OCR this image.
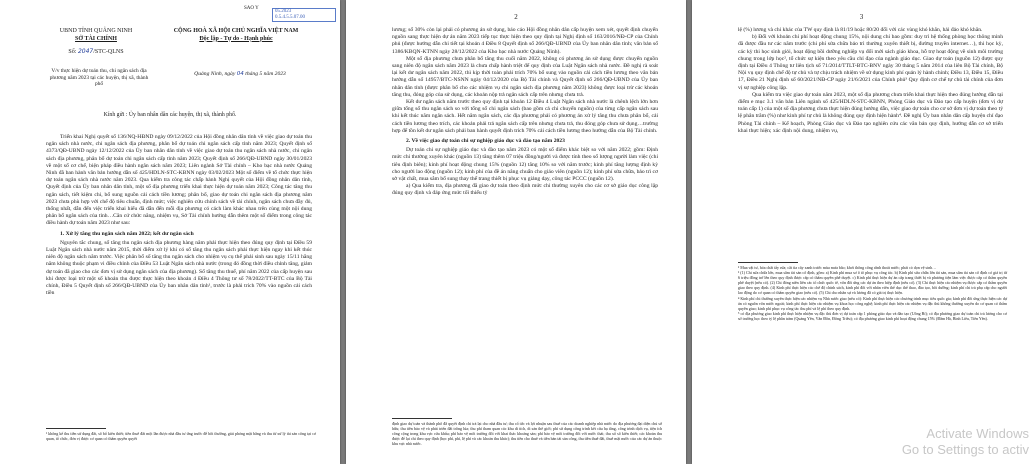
SAO Y
05.2023
0.5.4.5.5.07.00
UBND TỈNH QUẢNG NINH
SỞ TÀI CHÍNH
Số: 2047/STC-QLNS
CỘNG HOÀ XÃ HỘI CHỦ NGHĨA VIỆT NAM
Độc lập - Tự do - Hạnh phúc
V/v thực hiện dự toán thu, chi ngân sách địa phương năm 2023 tại các huyện, thị xã, thành phố
Quảng Ninh, ngày 04 tháng 5 năm 2023
Kính gửi : Ủy ban nhân dân các huyện, thị xã, thành phố.

Triển khai Nghị quyết số 136/NQ-HĐND ngày 09/12/2022 của Hội đồng nhân dân tỉnh về việc giao dự toán thu ngân sách nhà nước, chi ngân sách địa phương, phân bổ dự toán chi ngân sách cấp tỉnh năm 2023; Quyết định số 4373/QĐ-UBND ngày 12/12/2022 của Ủy ban nhân dân tỉnh về việc giao dự toán thu ngân sách nhà nước, chi ngân sách địa phương, phân bổ dự toán chi ngân sách cấp tỉnh năm 2023; Quyết định số 266/QĐ-UBND ngày 30/01/2023 về một số cơ chế, biện pháp điều hành ngân sách năm 2023; Liên ngành Sở Tài chính – Kho bạc nhà nước Quảng Ninh đã ban hành văn bản hướng dẫn số 425/HDLN-STC-KBNN ngày 03/02/2023 Một số điểm về tổ chức thực hiện dự toán ngân sách nhà nước năm 2023. Qua kiểm tra công tác chấp hành Nghị quyết của Hội đồng nhân dân tỉnh, Quyết định của Ủy ban nhân dân tỉnh, một số địa phương triển khai thực hiện dự toán năm 2023; Công tác tăng thu ngân sách, tiết kiệm chi, bổ sung nguồn cải cách tiền lương; phân bổ, giao dự toán chi ngân sách địa phương năm 2023 chưa phù hợp với chế độ tiêu chuẩn, định mức; việc nghiên cứu chính sách về tài chính, ngân sách chưa đầy đủ, thống nhất, dẫn đến việc triển khai hiểu đã dẫn đến mỗi địa phương có cách làm khác nhau trên cùng một nội dung phân bổ ngân sách của tỉnh…Căn cứ chức năng, nhiệm vụ, Sở Tài chính hướng dẫn thêm một số điểm trong công tác điều hành dự toán năm 2023 như sau:

1. Xử lý tăng thu ngân sách năm 2022; kết dư ngân sách

Nguyên tắc chung, số tăng thu ngân sách địa phương hàng năm phải thực hiện theo đúng quy định tại Điều 59 Luật Ngân sách nhà nước năm 2015, thời điểm xử lý khi có số tăng thu ngân sách phải thực hiện ngay khi kết thúc niên độ ngân sách năm trước. Việc phân bổ số tăng thu ngân sách cho nhiệm vụ cụ thể phải sinh sau ngày 15/11 hằng năm không thuộc phạm vi điều chỉnh của Điều 53 Luật Ngân sách nhà nước (trong đó đồng thời điều chỉnh tăng, giảm dự toán đã giao cho các đơn vị sử dụng ngân sách của địa phương). Số tăng thu thuế, phí năm 2022 của cấp huyện sau khi được loại trừ một số khoản thu được thực hiện theo khoản 4 Điều 4 Thông tư số 78/2022/TT-BTC của Bộ Tài chính, Điều 5 Quyết định số 266/QĐ-UBND của Ủy ban nhân dân tỉnh¹, trước là phải trích 70% vào nguồn cải cách tiền

¹ không kể thu tiền sử dụng đất, số bổ kiến thiết; tiền thuê đất một lần được nhà đầu tư ứng trước để bồi thường, giải phóng mặt bằng và thu từ xử lý tài sản công tại cơ quan, tổ chức, đơn vị được cơ quan có thẩm quyền quyết
2

lương; số 30% còn lại phải có phương án sử dụng, báo cáo Hội đồng nhân dân cấp huyện xem xét, quyết định chuyển nguồn sang thực hiện dự án năm 2023 tiếp tục thực hiện theo quy định tại Nghị định số 163/2016/NĐ-CP của Chính phủ (được hướng dẫn chi tiết tại khoản 4 Điều 8 Quyết định số 266/QĐ-UBND của Ủy ban nhân dân tỉnh; văn bản số 1386/KBQN-KTNN ngày 28/12/2022 của Kho bạc nhà nước Quảng Ninh).

Một số địa phương chưa phân bổ tăng thu cuối năm 2022, không có phương án sử dụng được chuyển nguồn sang niên độ ngân sách năm 2023 là chưa chấp hành triệt để quy định của Luật Ngân sách nhà nước. Đề nghị rà soát lại kết dư ngân sách năm 2022, thì kịp thời toàn phải trích 70% bổ sung vào nguồn cải cách tiền lương theo văn bản hướng dẫn số 14957/BTC-NSNN ngày 04/12/2020 của Bộ Tài chính và Quyết định số 266/QĐ-UBND của Ủy ban nhân dân tỉnh (được phân bổ cho các nhiệm vụ chi ngân sách địa phương năm 2023) không được loại trừ các khoản tăng thu, đóng góp của sử dụng, các khoản nộp trả ngân sách cấp trên nhưng chưa trả.

Kết dư ngân sách năm trước theo quy định tại khoản 12 Điều 4 Luật Ngân sách nhà nước là chênh lệch lớn hơn giữa tổng số thu ngân sách so với tổng số chi ngân sách (bao gồm cả chi chuyển nguồn) của từng cấp ngân sách sau khi kết thúc năm ngân sách. Hết năm ngân sách, các địa phương phải có phương án xử lý tăng thu chưa phân bổ, cải cách tiền lương theo trích, các khoản phải trả ngân sách cấp trên nhưng chưa trả, thu đóng góp chưa sử dụng…trường hợp để tồn kết dư ngân sách phải ban hành quyết định trích 70% cải cách tiền lương theo hướng dẫn của Bộ Tài chính.

2. Về việc giao dự toán chi sự nghiệp giáo dục và đào tạo năm 2023

Dự toán chi sự nghiệp giáo dục và đào tạo năm 2023 có một số điểm khác biệt so với năm 2022; gồm: Định mức chi thường xuyên khác (nguồn 13) tăng thêm 07 triệu đồng/người và được tính theo số lượng người làm việc (chi tiêu định biên); kinh phí hoạt động chung 15% (nguồn 12) tăng 10% so với năm trước; kinh phí tăng lượng định kỳ cho người lao động (nguồn 12); kinh phí của đề án nâng chuẩn cho giáo viên (nguồn 12); kinh phí sửa chữa, bảo trì cơ sở vật chất, mua sắm bổ sung thay thế trang thiết bị phục vụ giảng dạy, công tác PCCC (nguồn 12).

a) Qua kiểm tra, địa phương đã giao dự toán theo định mức chi thường xuyên cho các cơ sở giáo dục công lập đúng quy định và đáp ứng mức tối thiểu tỷ

định giao dự toán và thành phố đã quyết định chi trả lại cho nhà đầu tư; thu cổ tức và lợi nhuận sau thuế của các doanh nghiệp nhà nước do địa phương đại diện chủ sở hữu; thu tiền bảo vệ và phát triển đất trồng lúa; thu phí tham quan các khu di tích, di sản thế giới; phí sử dụng công trình kết cấu hạ tầng, công trình dịch vụ, tiện ích công cộng trong khu vực cửa khẩu; phí bảo vệ môi trường đối với khai thác khoáng sản; phí bảo vệ môi trường đối với nước thải; thu xổ số kiến thiết; các khoản thu được để lại chi theo quy định (học phí, phí, lệ phí và các khoản thu khác); thu tiền cho thuê và tiền bán tài sản công, thu tiền thuê đất, thuê mặt nước của các dự án thuộc khu vực nhà nước.
3

lệ (%) lương và chi khác của TW quy định là 81/19 hoặc 80/20 đối với các vùng khó khăn, hải đảo khó khăn.

b) Đối với khoản chi phí hoạt động chung 15%, nội dung chi bao gồm: duy trì hệ thống phòng học thông minh đã được đầu tư các năm trước (chi phí sửa chữa bảo trì thường xuyên thiết bị, đường truyền internet…), thi học kỳ, các kỳ thi học sinh giỏi, hoạt động bồi dưỡng nghiệp vụ đối mới sách giáo khoa, hỗ trợ hoạt động về sinh môi trường chung trong lớp học², tổ chức sự kiện theo yêu cầu chỉ đạo của ngành giáo dục. Giao dự toán (nguồn 12) được quy định tại Điều 4 Thông tư liên tịch số 71/2014/TTLT-BTC-BNV ngày 30 tháng 5 năm 2014 của liên Bộ Tài chính, Bộ Nội vụ quy định chế độ tự chủ và tự chịu trách nhiệm về sử dụng kinh phí quản lý hành chính; Điều 13, Điều 15, Điều 17, Điều 21 Nghị định số 60/2021/NĐ-CP ngày 21/6/2021 của Chính phủ³ Quy định cơ chế tự chủ tài chính của đơn vị sự nghiệp công lập.

Qua kiểm tra việc giao dự toán năm 2023, một số địa phương chưa triển khai thực hiện theo đúng hướng dẫn tại điểm e mục 3.1 văn bản Liên ngành số 425/HDLN-STC-KBNN, Phòng Giáo dục và Đào tạo cấp huyện (đơn vị dự toán cấp 1) của một số địa phương chưa thực hiện đúng hướng dẫn, việc giao dự toán cho cơ sở đơn vị dự toán theo tỷ lệ phân trăm (%) như kinh phí tự chủ là không đúng quy định hiện hành⁴. Đề nghị Ủy ban nhân dân cấp huyện chỉ đạo Phòng Tài chính – Kế hoạch, Phòng Giáo dục và Đào tạo nghiên cứu các văn bản quy định, hướng dẫn cơ sở triển khai thực hiện; xác định nội dung, nhiệm vụ,

² Mua vật tư, hóa chất tẩy rửa; cắt tỉa cây xanh trước mùa mưa bão; khơi thông cống rãnh thoát nước; phát cỏ dọn vệ sinh…
³ (1) Chi sửa chữa lớn, mua sắm tài sản cố định, gồm: a) Kinh phí mua sơ ô tô phục vụ công tác. b) Kinh phí sửa chữa lớn tài sản, mua sắm tài sản cố định có giá trị từ 6 triệu đồng trở lên theo quy định được cấp có thẩm quyền phê duyệt. c) Kinh phí thực hiện dự án cấp trang thiết bị và phương tiện làm việc được cấp có thẩm quyền phê duyệt (nếu có). (2) Chi đóng niên liên các tổ chức quốc tế, vốn đối ứng các dự án theo hiệp định (nếu có). (3) Chi thực hiện các nhiệm vụ được cấp có thẩm quyền giao theo quy định. (4) Kinh phí thực hiện các chế độ chính sách, kinh phí đối với nhân viên thể dục thể thao, đào tạo, bồi dưỡng; kinh phí chi trả phụ cấp cho người lao động do cơ quan có thẩm quyền giao (nếu có). (5) Chi cho nhân sự và lương đã có giá trị thực hiện.
⁴ Kinh phí chi thường xuyên thực hiện các nhiệm vụ Nhà nước giao (nếu có): Kinh phí thực hiện các chương trình mục tiêu quốc gia; kinh phí đối ứng thực hiện các dự án có nguồn vốn nước ngoài; kinh phí thực hiện các nhiệm vụ khoa học công nghệ; kinh phí thực hiện các nhiệm vụ đặc thù không thường xuyên do cơ quan có thẩm quyền giao; kinh phí phục vụ công tác thu phí và lệ phí theo quy định.
⁵ có địa phương giao kinh phí thực hiện nhiệm vụ đặc thù đơn vị dự toán cấp 1 phòng giáo dục và đào tạo (Uông Bí); có địa phương giao dự toán chi trả lương cho cơ sở trường học theo tỷ lệ phần trăm (Quảng Yên, Vân Đồn, Đông Triều); có địa phương giao kinh phí hoạt động chung 15% (Đầm Hà, Bình Liêu, Tiên Yên).
Activate Windows
Go to Settings to activ
